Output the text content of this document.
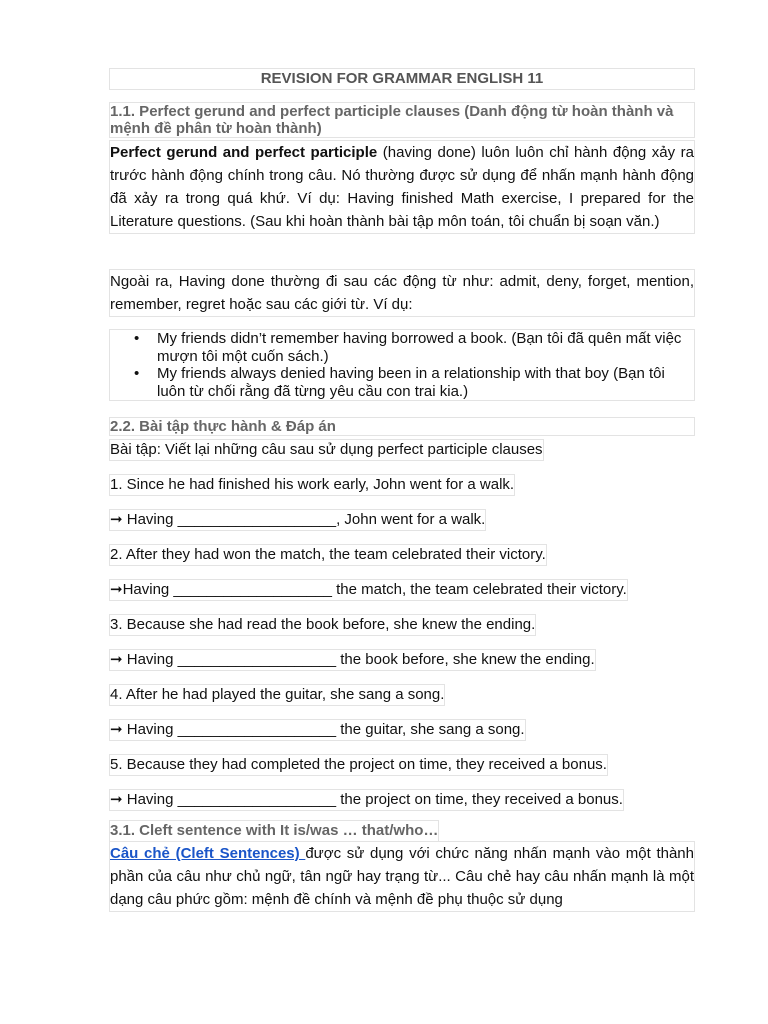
REVISION FOR GRAMMAR ENGLISH 11
1.1. Perfect gerund and perfect participle clauses (Danh động từ hoàn thành và mệnh đề phân từ hoàn thành)
Perfect gerund and perfect participle (having done) luôn luôn chỉ hành động xảy ra trước hành động chính trong câu. Nó thường được sử dụng để nhấn mạnh hành động đã xảy ra trong quá khứ. Ví dụ: Having finished Math exercise, I prepared for the Literature questions. (Sau khi hoàn thành bài tập môn toán, tôi chuẩn bị soạn văn.)
Ngoài ra, Having done thường đi sau các động từ như: admit, deny, forget, mention, remember, regret hoặc sau các giới từ. Ví dụ:
• My friends didn’t remember having borrowed a book. (Bạn tôi đã quên mất việc mượn tôi một cuốn sách.)
• My friends always denied having been in a relationship with that boy (Bạn tôi luôn từ chối rằng đã từng yêu cầu con trai kia.)
2.2. Bài tập thực hành & Đáp án
Bài tập: Viết lại những câu sau sử dụng perfect participle clauses
1. Since he had finished his work early, John went for a walk.
➞ Having ___________________, John went for a walk.
2. After they had won the match, the team celebrated their victory.
➞Having ___________________ the match, the team celebrated their victory.
3. Because she had read the book before, she knew the ending.
➞ Having ___________________ the book before, she knew the ending.
4. After he had played the guitar, she sang a song.
➞ Having ___________________ the guitar, she sang a song.
5. Because they had completed the project on time, they received a bonus.
➞ Having ___________________ the project on time, they received a bonus.
3.1. Cleft sentence with It is/was … that/who…
Câu chẻ (Cleft Sentences) được sử dụng với chức năng nhấn mạnh vào một thành phần của câu như chủ ngữ, tân ngữ hay trạng từ... Câu chẻ hay câu nhấn mạnh là một dạng câu phức gồm: mệnh đề chính và mệnh đề phụ thuộc sử dụng
